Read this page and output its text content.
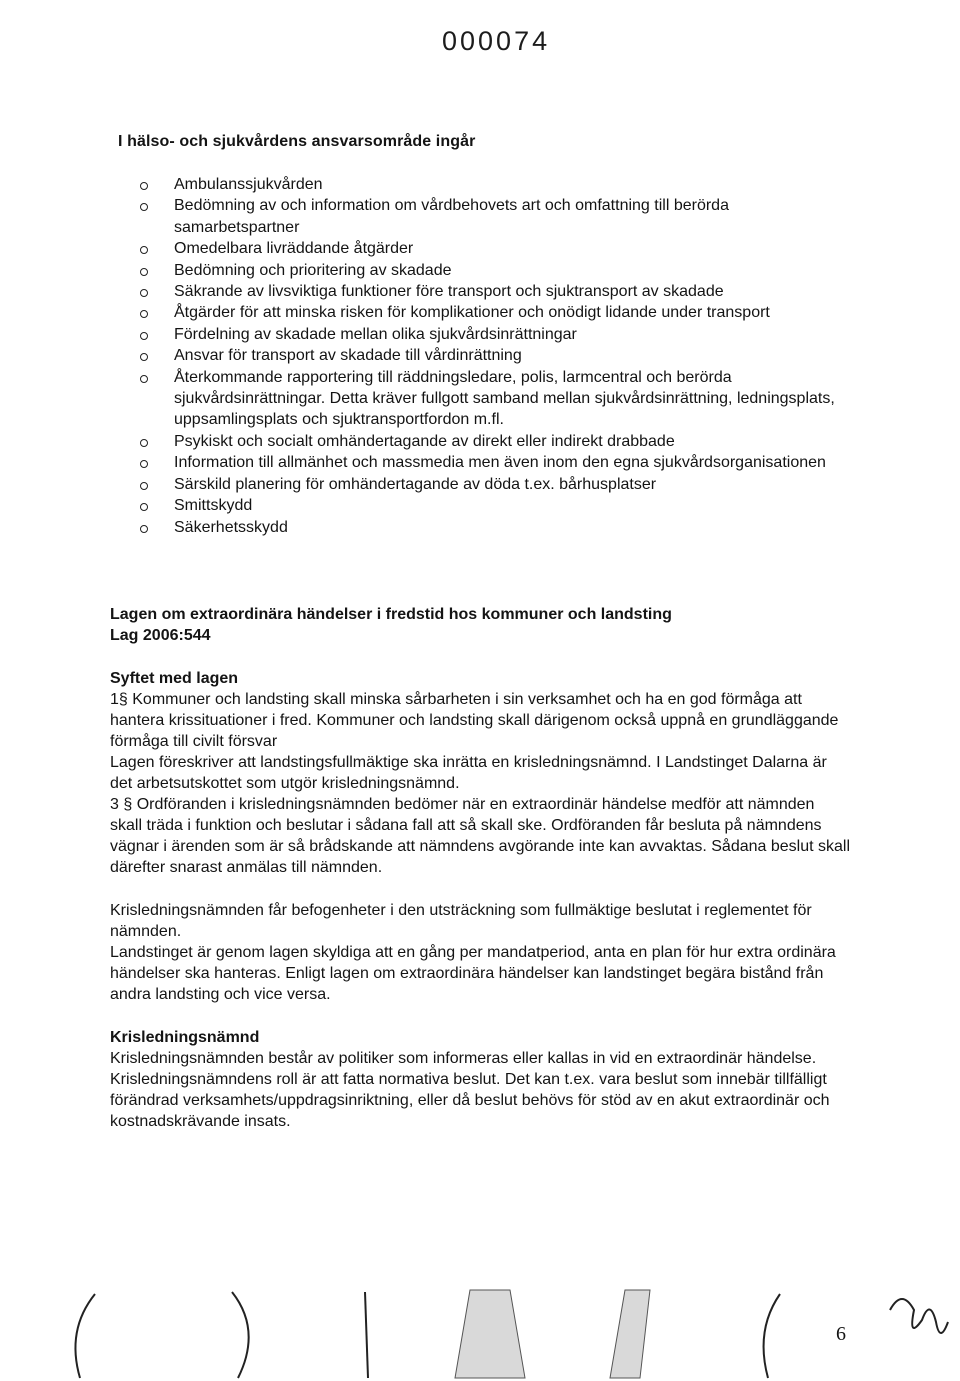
000074
I hälso- och sjukvårdens ansvarsområde ingår
Ambulanssjukvården
Bedömning av och information om vårdbehovets art och omfattning till berörda samarbetspartner
Omedelbara livräddande åtgärder
Bedömning och prioritering av skadade
Säkrande av livsviktiga funktioner före transport och sjuktransport av skadade
Åtgärder för att minska risken för komplikationer och onödigt lidande under transport
Fördelning av skadade mellan olika sjukvårdsinrättningar
Ansvar för transport av skadade till vårdinrättning
Återkommande rapportering till räddningsledare, polis, larmcentral och berörda sjukvårdsinrättningar. Detta kräver fullgott samband mellan sjukvårdsinrättning, ledningsplats, uppsamlingsplats och sjuktransportfordon m.fl.
Psykiskt och socialt omhändertagande av direkt eller indirekt drabbade
Information till allmänhet och massmedia men även inom den egna sjukvårdsorganisationen
Särskild planering för omhändertagande av döda t.ex. bårhusplatser
Smittskydd
Säkerhetsskydd
Lagen om extraordinära händelser i fredstid hos kommuner och landsting
Lag 2006:544
Syftet med lagen

1§ Kommuner och landsting skall minska sårbarheten i sin verksamhet och ha en god förmåga att hantera krissituationer i fred. Kommuner och landsting skall därigenom också uppnå en grundläggande förmåga till civilt försvar

Lagen föreskriver att landstingsfullmäktige ska inrätta en krisledningsnämnd. I Landstinget Dalarna är det arbetsutskottet som utgör krisledningsnämnd.

3 § Ordföranden i krisledningsnämnden bedömer när en extraordinär händelse medför att nämnden skall träda i funktion och beslutar i sådana fall att så skall ske. Ordföranden får besluta på nämndens vägnar i ärenden som är så brådskande att nämndens avgörande inte kan avvaktas. Sådana beslut skall därefter snarast anmälas till nämnden.

Krisledningsnämnden får befogenheter i den utsträckning som fullmäktige beslutat i reglementet för nämnden.

Landstinget är genom lagen skyldiga att en gång per mandatperiod, anta en plan för hur extra ordinära händelser ska hanteras. Enligt lagen om extraordinära händelser kan landstinget begära bistånd från andra landsting och vice versa.

Krisledningsnämnd

Krisledningsnämnden består av politiker som informeras eller kallas in vid en extraordinär händelse.

Krisledningsnämndens roll är att fatta normativa beslut. Det kan t.ex. vara beslut som innebär tillfälligt förändrad verksamhets/uppdragsinriktning, eller då beslut behövs för stöd av en akut extraordinär och kostnadskrävande insats.

6
